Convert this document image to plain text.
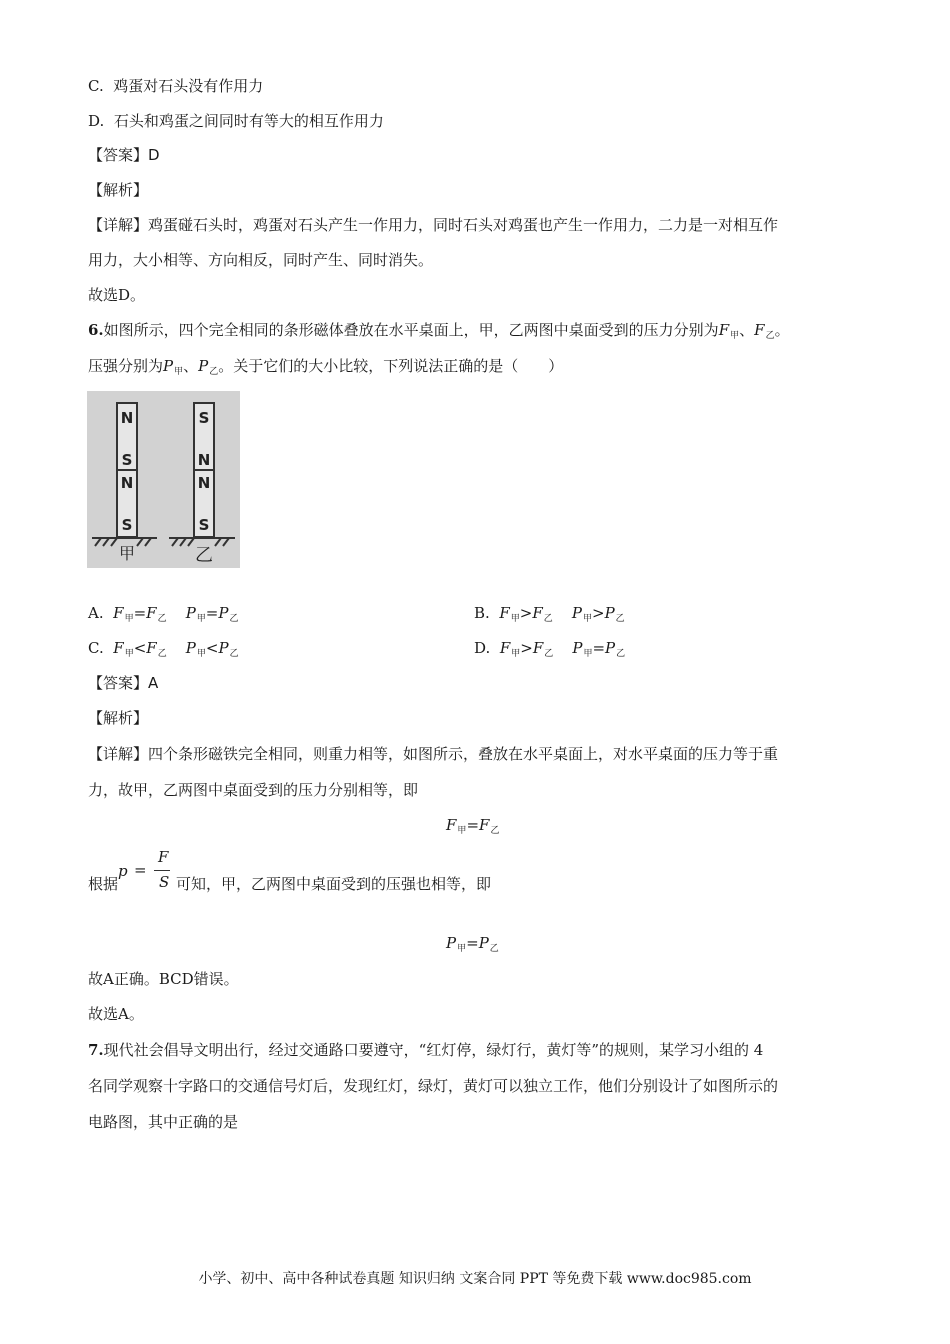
C. 鸡蛋对石头没有作用力
D. 石头和鸡蛋之间同时有等大的相互作用力
【答案】D
【解析】
【详解】鸡蛋碰石头时，鸡蛋对石头产生一作用力，同时石头对鸡蛋也产生一作用力，二力是一对相互作
用力，大小相等、方向相反，同时产生、同时消失。
故选D。
6.如图所示，四个完全相同的条形磁体叠放在水平桌面上，甲，乙两图中桌面受到的压力分别为$F_甲$、$F_乙$。
压强分别为$P_甲$、$P_乙$。关于它们的大小比较，下列说法正确的是（　　）
N
S
N
S
S
N
N
S
甲	乙
A. $F_甲=F_乙$ $P_甲=P_乙$	B. $F_甲>F_乙$ $P_甲>P_乙$
C. $F_甲<F_乙$ $P_甲<P_乙$	D. $F_甲>F_乙$ $P_甲=P_乙$
【答案】A
【解析】
【详解】四个条形磁铁完全相同，则重力相等，如图所示，叠放在水平桌面上，对水平桌面的压力等于重
力，故甲，乙两图中桌面受到的压力分别相等，即
$F_甲=F_乙$
根据
p =
F
S 可知，甲，乙两图中桌面受到的压强也相等，即
$P_甲=P_乙$
故A正确。BCD错误。
故选A。
7.现代社会倡导文明出行，经过交通路口要遵守，“红灯停，绿灯行，黄灯等”的规则，某学习小组的 4
名同学观察十字路口的交通信号灯后，发现红灯，绿灯，黄灯可以独立工作，他们分别设计了如图所示的
电路图，其中正确的是
小学、初中、高中各种试卷真题 知识归纳 文案合同 PPT 等免费下载 www.doc985.com
